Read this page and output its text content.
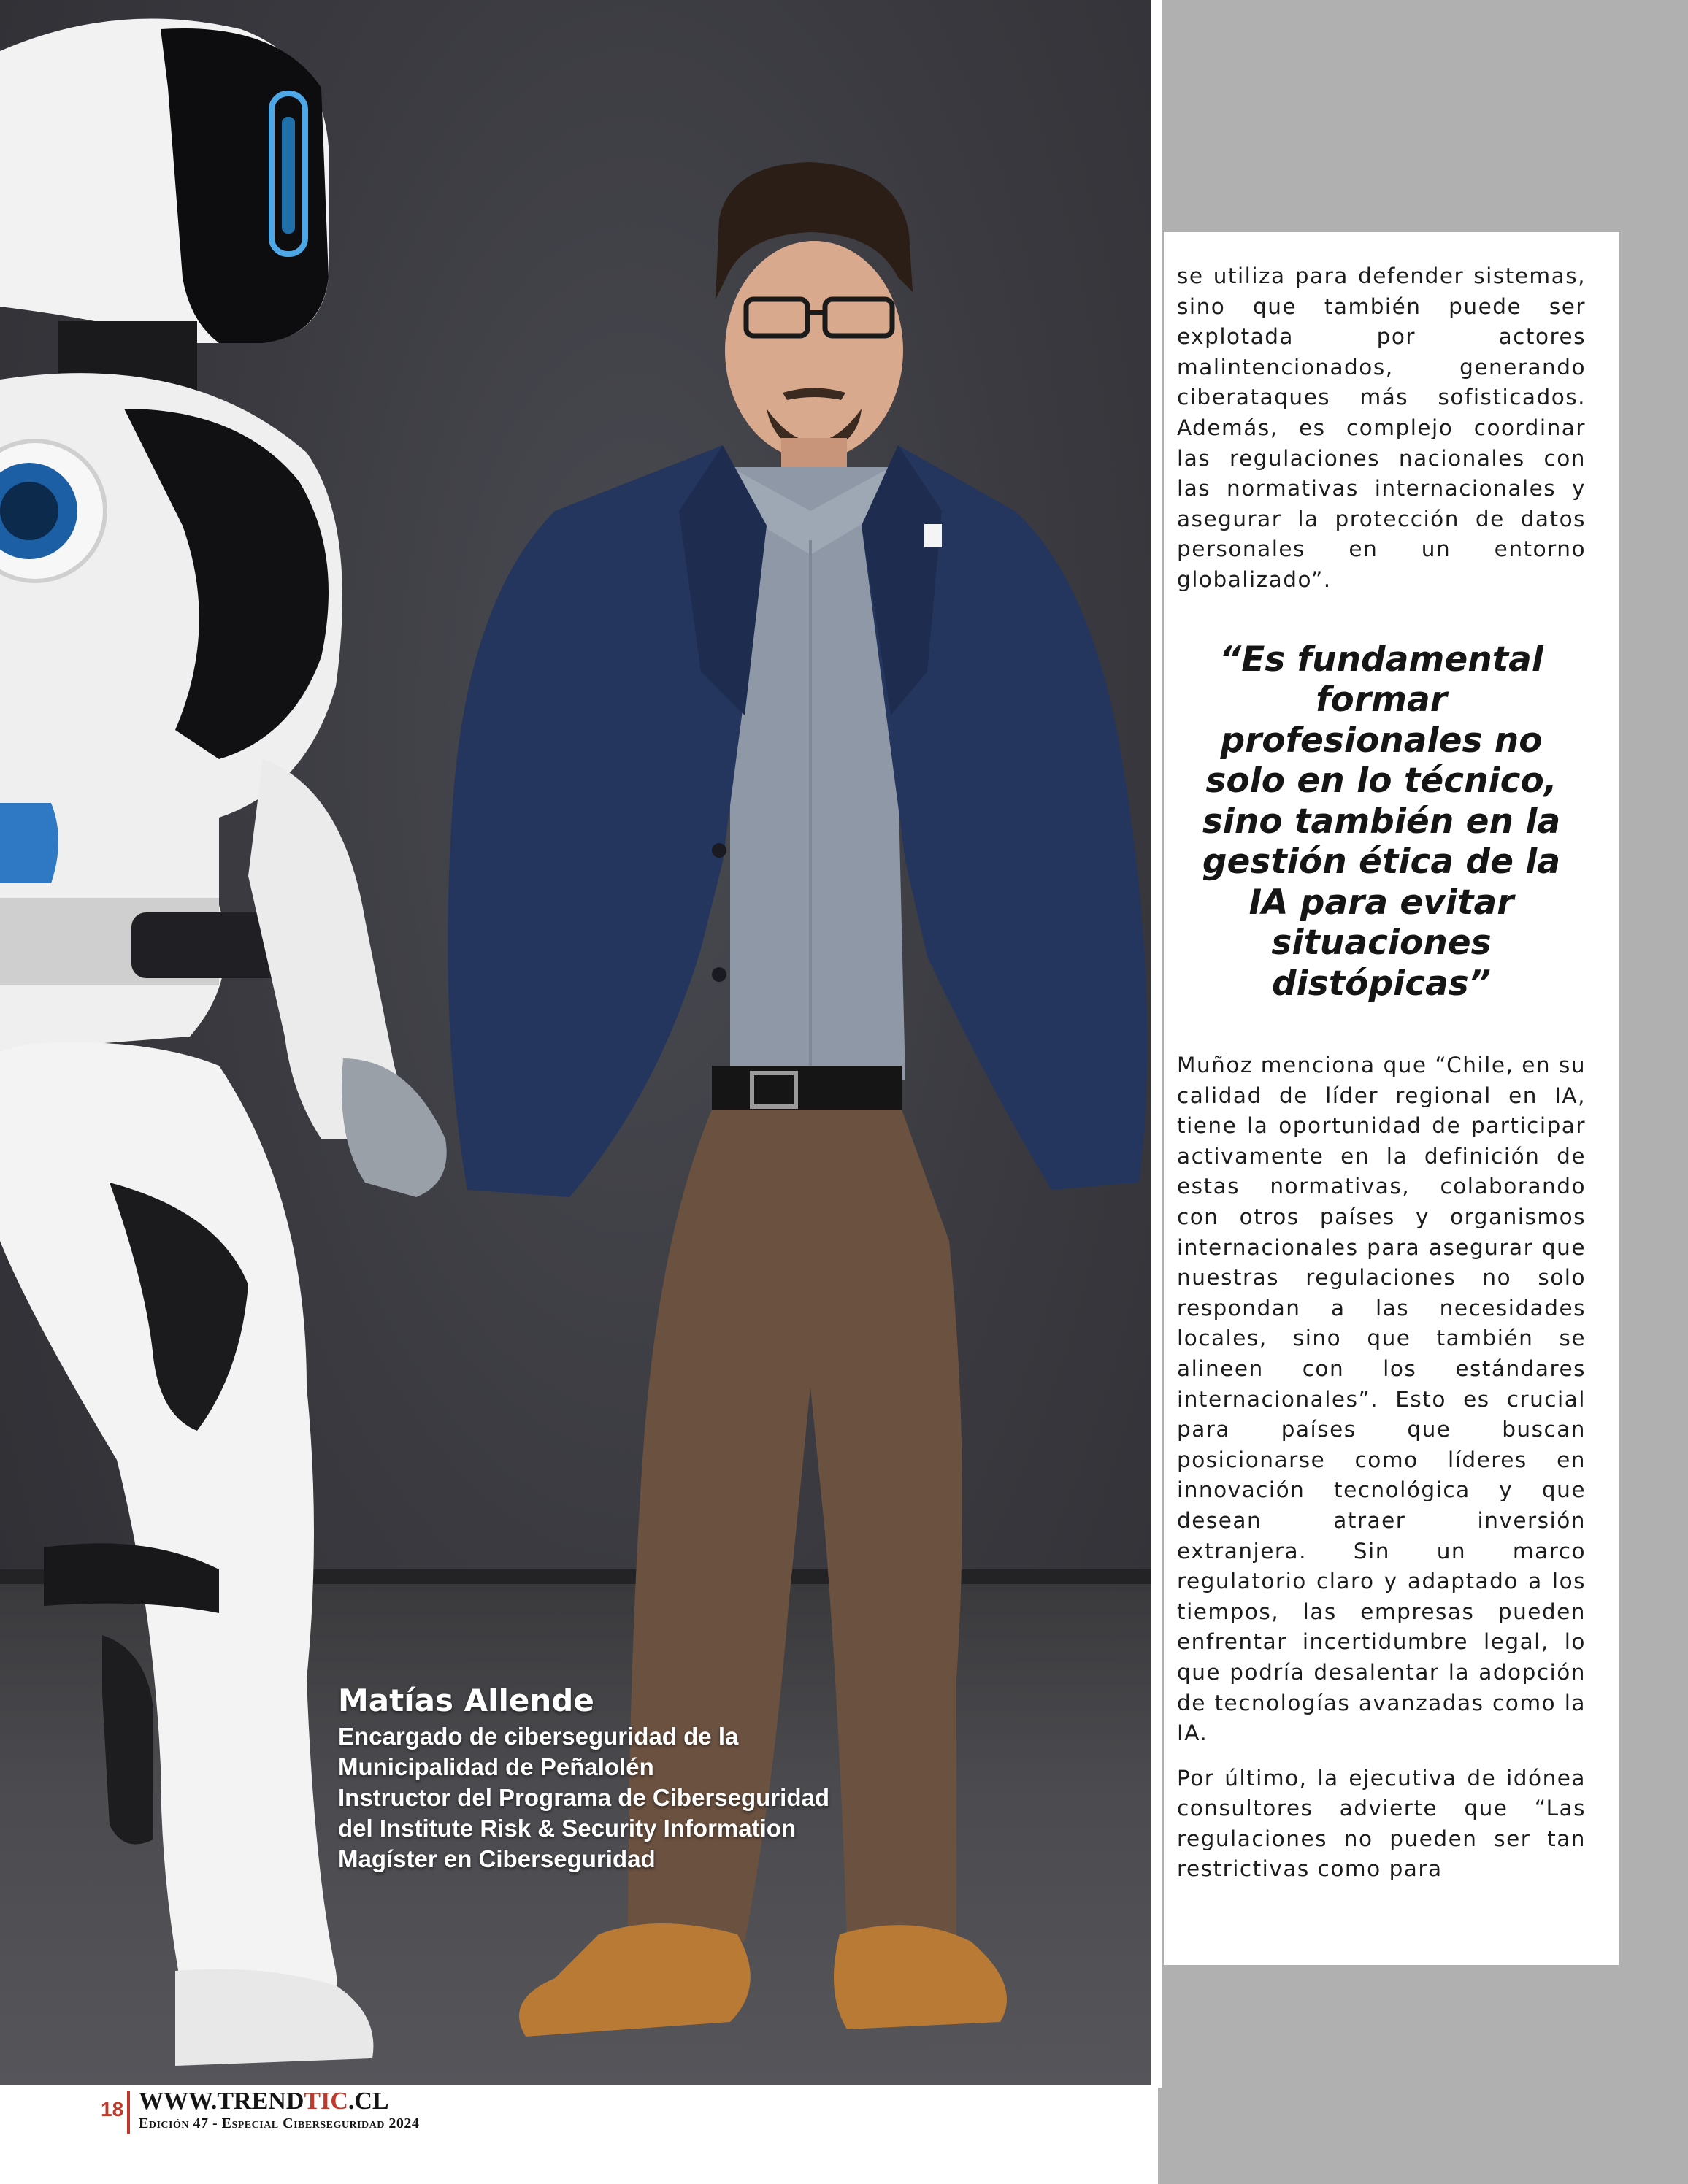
Matías Allende

Encargado de ciberseguridad de la

Municipalidad de Peñalolén

Instructor del Programa de Ciberseguridad

del Institute Risk & Security Information

Magíster en Ciberseguridad

se utiliza para defender sistemas, sino que también puede ser explotada por actores malintencionados, generando ciberataques más sofisticados. Además, es complejo coordinar las regulaciones nacionales con las normativas internacionales y asegurar la protección de datos personales en un entorno globalizado”.

“Es fundamental formar profesionales no solo en lo técnico, sino también en la gestión ética de la IA para evitar situaciones distópicas”

Muñoz menciona que “Chile, en su calidad de líder regional en IA, tiene la oportunidad de participar activamente en la definición de estas normativas, colaborando con otros países y organismos internacionales para asegurar que nuestras regulaciones no solo respondan a las necesidades locales, sino que también se alineen con los estándares internacionales”. Esto es crucial para países que buscan posicionarse como líderes en innovación tecnológica y que desean atraer inversión extranjera. Sin un marco regulatorio claro y adaptado a los tiempos, las empresas pueden enfrentar incertidumbre legal, lo que podría desalentar la adopción de tecnologías avanzadas como la IA.

Por último, la ejecutiva de idónea consultores advierte que “Las regulaciones no pueden ser tan restrictivas como para

18 WWW.TRENDTIC.CL
Edición 47 - Especial Ciberseguridad 2024
